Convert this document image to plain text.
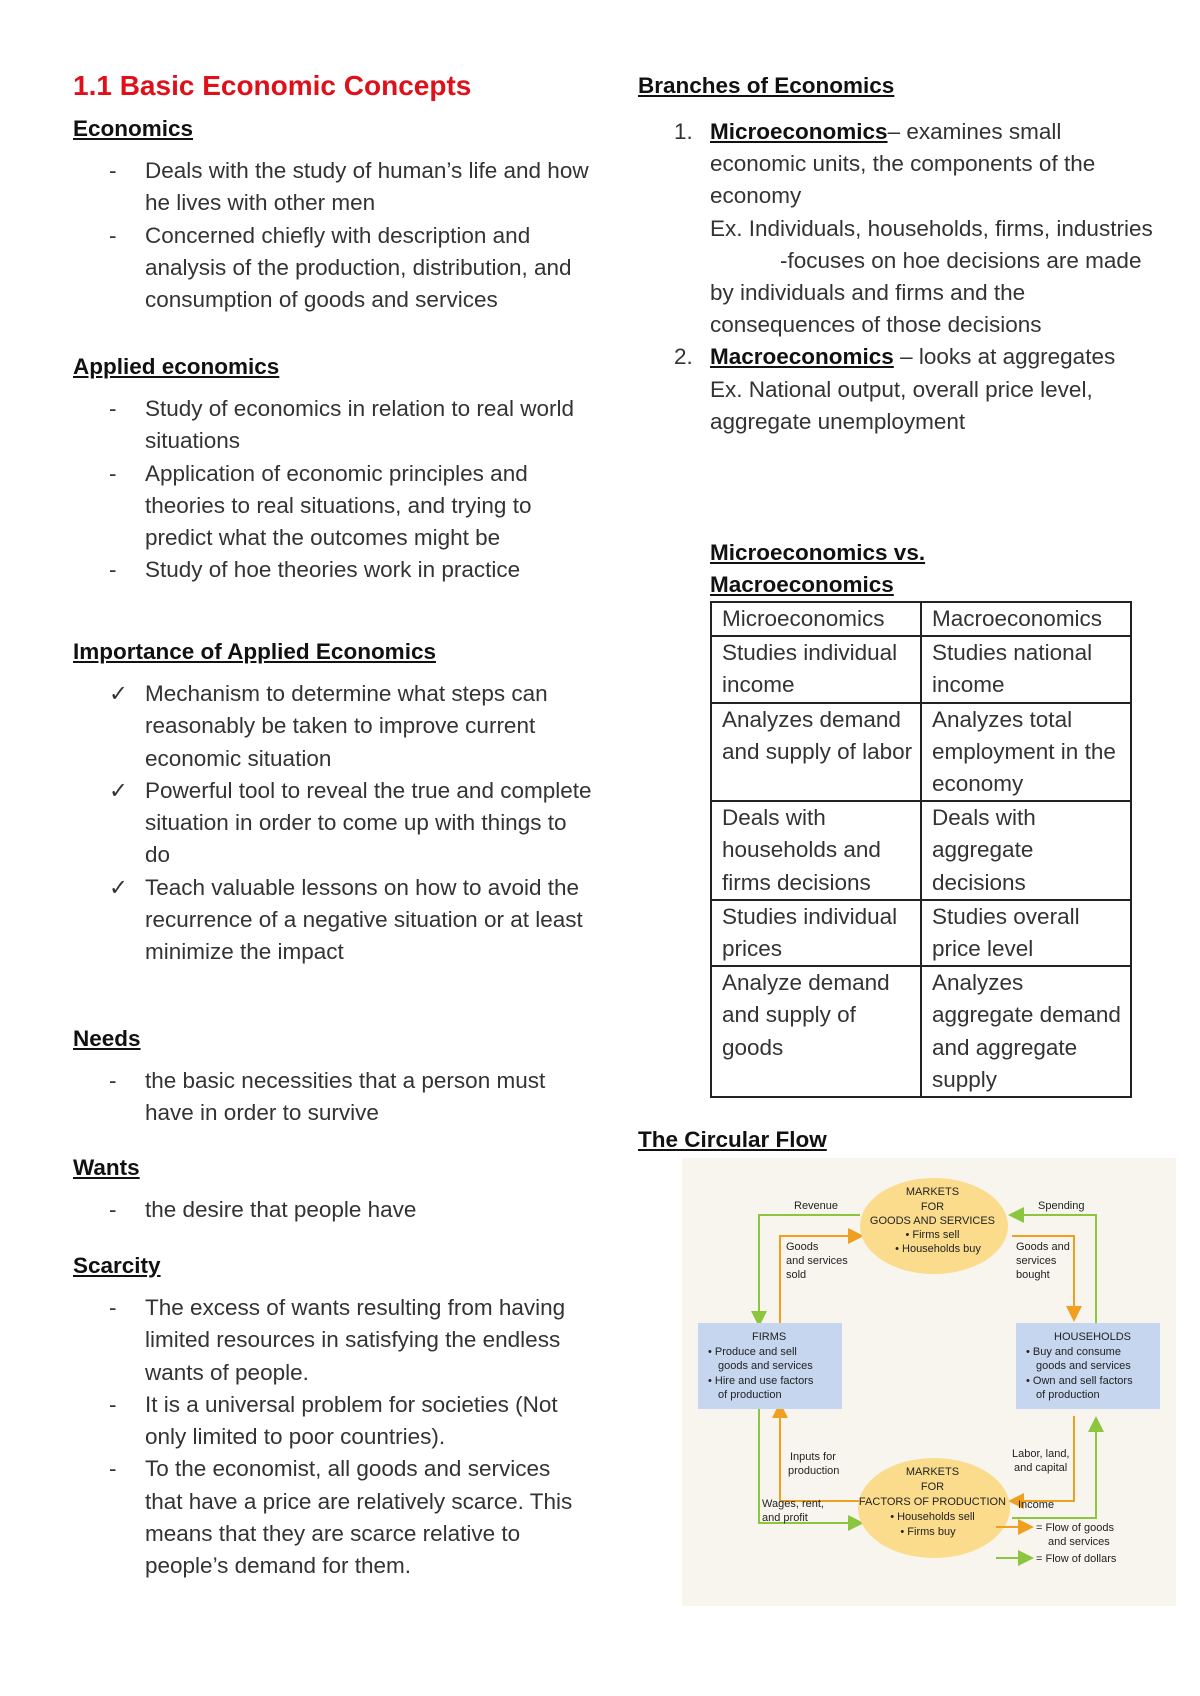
1.1 Basic Economic Concepts

Economics

- Deals with the study of human’s life and how he lives with other men
- Concerned chiefly with description and analysis of the production, distribution, and consumption of goods and services

Applied economics

- Study of economics in relation to real world situations
- Application of economic principles and theories to real situations, and trying to predict what the outcomes might be
- Study of hoe theories work in practice

Importance of Applied Economics

✓ Mechanism to determine what steps can reasonably be taken to improve current economic situation
✓ Powerful tool to reveal the true and complete situation in order to come up with things to do
✓ Teach valuable lessons on how to avoid the recurrence of a negative situation or at least minimize the impact

Needs

- the basic necessities that a person must have in order to survive

Wants

- the desire that people have

Scarcity

- The excess of wants resulting from having limited resources in satisfying the endless wants of people.
- It is a universal problem for societies (Not only limited to poor countries).
- To the economist, all goods and services that have a price are relatively scarce. This means that they are scarce relative to people’s demand for them.

Branches of Economics

1. Microeconomics– examines small economic units, the components of the economy
Ex. Individuals, households, firms, industries
-focuses on hoe decisions are made by individuals and firms and the consequences of those decisions
2. Macroeconomics – looks at aggregates
Ex. National output, overall price level, aggregate unemployment

Microeconomics vs.

Macroeconomics

Microeconomics	Macroeconomics
Studies individual income	Studies national income
Analyzes demand and supply of labor	Analyzes total employment in the economy
Deals with households and firms decisions	Deals with aggregate decisions
Studies individual prices	Studies overall price level
Analyze demand and supply of goods	Analyzes aggregate demand and aggregate supply

The Circular Flow

MARKETS FOR GOODS AND SERVICES • Firms sell • Households buy
MARKETS FOR FACTORS OF PRODUCTION • Households sell • Firms buy
FIRMS • Produce and sell goods and services • Hire and use factors of production
HOUSEHOLDS • Buy and consume goods and services • Own and sell factors of production
Revenue	Spending Goods and services sold Goods and services bought Inputs for production Labor, land, and capital Wages, rent, and profit Income
= Flow of goods and services = Flow of dollars
